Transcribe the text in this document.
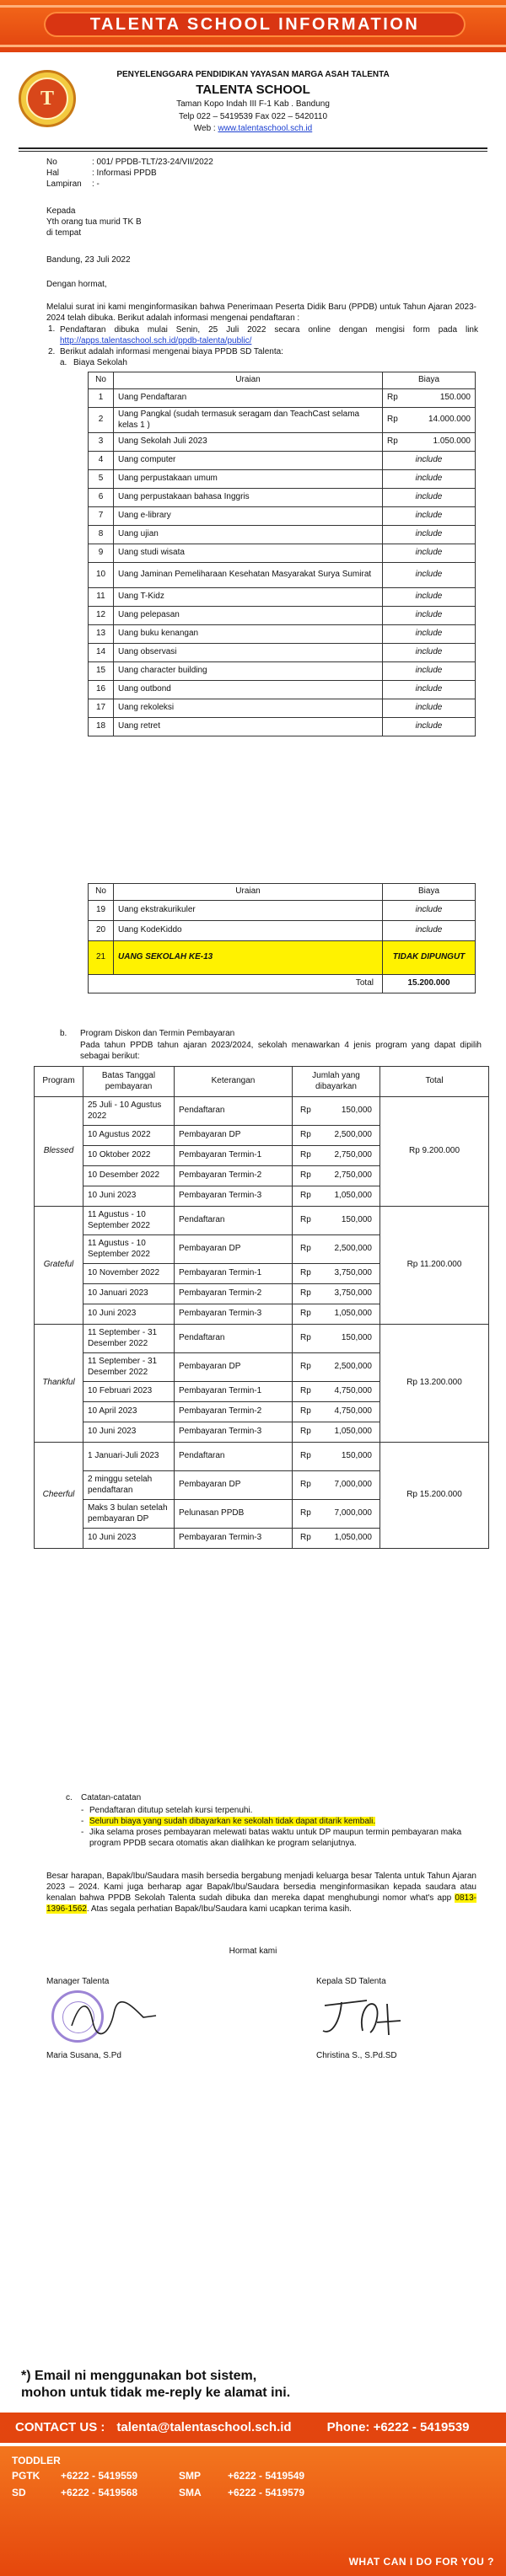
TALENTA SCHOOL INFORMATION
T
PENYELENGGARA PENDIDIKAN YAYASAN MARGA ASAH TALENTA
TALENTA SCHOOL
Taman Kopo Indah III F-1 Kab . Bandung
Telp 022 – 5419539 Fax 022 – 5420110
Web : www.talentaschool.sch.id
No	: 001/ PPDB-TLT/23-24/VII/2022
Hal	: Informasi PPDB
Lampiran	: -

Kepada

Yth orang tua murid TK B

di tempat

Bandung, 23 Juli 2022
Dengan hormat,
Melalui surat ini kami menginformasikan bahwa Penerimaan Peserta Didik Baru (PPDB) untuk Tahun Ajaran 2023-2024 telah dibuka. Berikut adalah informasi mengenai pendaftaran :
1. Pendaftaran dibuka mulai Senin, 25 Juli 2022 secara online dengan mengisi form pada link http://apps.talentaschool.sch.id/ppdb-talenta/public/
2. Berikut adalah informasi mengenai biaya PPDB SD Talenta:
a. Biaya Sekolah
No	Uraian	Biaya
1	Uang Pendaftaran	Rp 150.000

2	Uang Pangkal (sudah termasuk seragam dan TeachCast selama kelas 1 )	Rp 14.000.000

3	Uang Sekolah Juli 2023	Rp 1.050.000

4	Uang computer	include
5	Uang perpustakaan umum	include
6	Uang perpustakaan bahasa Inggris	include
7	Uang e-library	include
8	Uang ujian	include
9	Uang studi wisata	include
10	Uang Jaminan Pemeliharaan Kesehatan Masyarakat Surya Sumirat	include
11	Uang T-Kidz	include
12	Uang pelepasan	include
13	Uang buku kenangan	include
14	Uang observasi	include
15	Uang character building	include
16	Uang outbond	include
17	Uang rekoleksi	include
18	Uang retret	include
No	Uraian	Biaya
19	Uang ekstrakurikuler	include
20	Uang KodeKiddo	include
21	UANG SEKOLAH KE-13	TIDAK DIPUNGUT
	Total	15.200.000
b.	Program Diskon dan Termin Pembayaran
Pada tahun PPDB tahun ajaran 2023/2024, sekolah menawarkan 4 jenis program yang dapat dipilih sebagai berikut:
Program	Batas Tanggal pembayaran	Keterangan	Jumlah yang dibayarkan	Total
Blessed	25 Juli - 10 Agustus 2022	Pendaftaran	Rp 150,000	Rp 9.200.000
	10 Agustus 2022	Pembayaran DP	Rp 2,500,000	

	10 Oktober 2022	Pembayaran Termin-1	Rp 2,750,000	

	10 Desember 2022	Pembayaran Termin-2	Rp 2,750,000	

	10 Juni 2023	Pembayaran Termin-3	Rp 1,050,000	

Grateful	11 Agustus - 10 September 2022	Pendaftaran	Rp 150,000	Rp 11.200.000
	11 Agustus - 10 September 2022	Pembayaran DP	Rp 2,500,000	

	10 November 2022	Pembayaran Termin-1	Rp 3,750,000	

	10 Januari 2023	Pembayaran Termin-2	Rp 3,750,000	

	10 Juni 2023	Pembayaran Termin-3	Rp 1,050,000	

Thankful	11 September - 31 Desember 2022	Pendaftaran	Rp 150,000	Rp 13.200.000
	11 September - 31 Desember 2022	Pembayaran DP	Rp 2,500,000	

	10 Februari 2023	Pembayaran Termin-1	Rp 4,750,000	

	10 April 2023	Pembayaran Termin-2	Rp 4,750,000	

	10 Juni 2023	Pembayaran Termin-3	Rp 1,050,000	

Cheerful	1 Januari-Juli 2023	Pendaftaran	Rp 150,000	Rp 15.200.000
	2 minggu setelah pendaftaran	Pembayaran DP	Rp 7,000,000	

	Maks 3 bulan setelah pembayaran DP	Pelunasan PPDB	Rp 7,000,000	

	10 Juni 2023	Pembayaran Termin-3	Rp 1,050,000	
c.	Catatan-catatan
- Pendaftaran ditutup setelah kursi terpenuhi.
- Seluruh biaya yang sudah dibayarkan ke sekolah tidak dapat ditarik kembali.
- Jika selama proses pembayaran melewati batas waktu untuk DP maupun termin pembayaran maka program PPDB secara otomatis akan dialihkan ke program selanjutnya.
Besar harapan, Bapak/Ibu/Saudara masih bersedia bergabung menjadi keluarga besar Talenta untuk Tahun Ajaran 2023 – 2024. Kami juga berharap agar Bapak/Ibu/Saudara bersedia menginformasikan kepada saudara atau kenalan bahwa PPDB Sekolah Talenta sudah dibuka dan mereka dapat menghubungi nomor what's app 0813-1396-1562. Atas segala perhatian Bapak/Ibu/Saudara kami ucapkan terima kasih.
Hormat kami
Manager Talenta
Maria Susana, S.Pd
Kepala SD Talenta
Christina S., S.Pd.SD
*) Email ni menggunakan bot sistem,
mohon untuk tidak me-reply ke alamat ini.
CONTACT US : talenta@talentaschool.sch.id	Phone: +6222 - 5419539
TODDLER
PGTK	+6222 - 5419559	SMP	+6222 - 5419549
SD	+6222 - 5419568	SMA	+6222 - 5419579
WHAT CAN I DO FOR YOU ?
